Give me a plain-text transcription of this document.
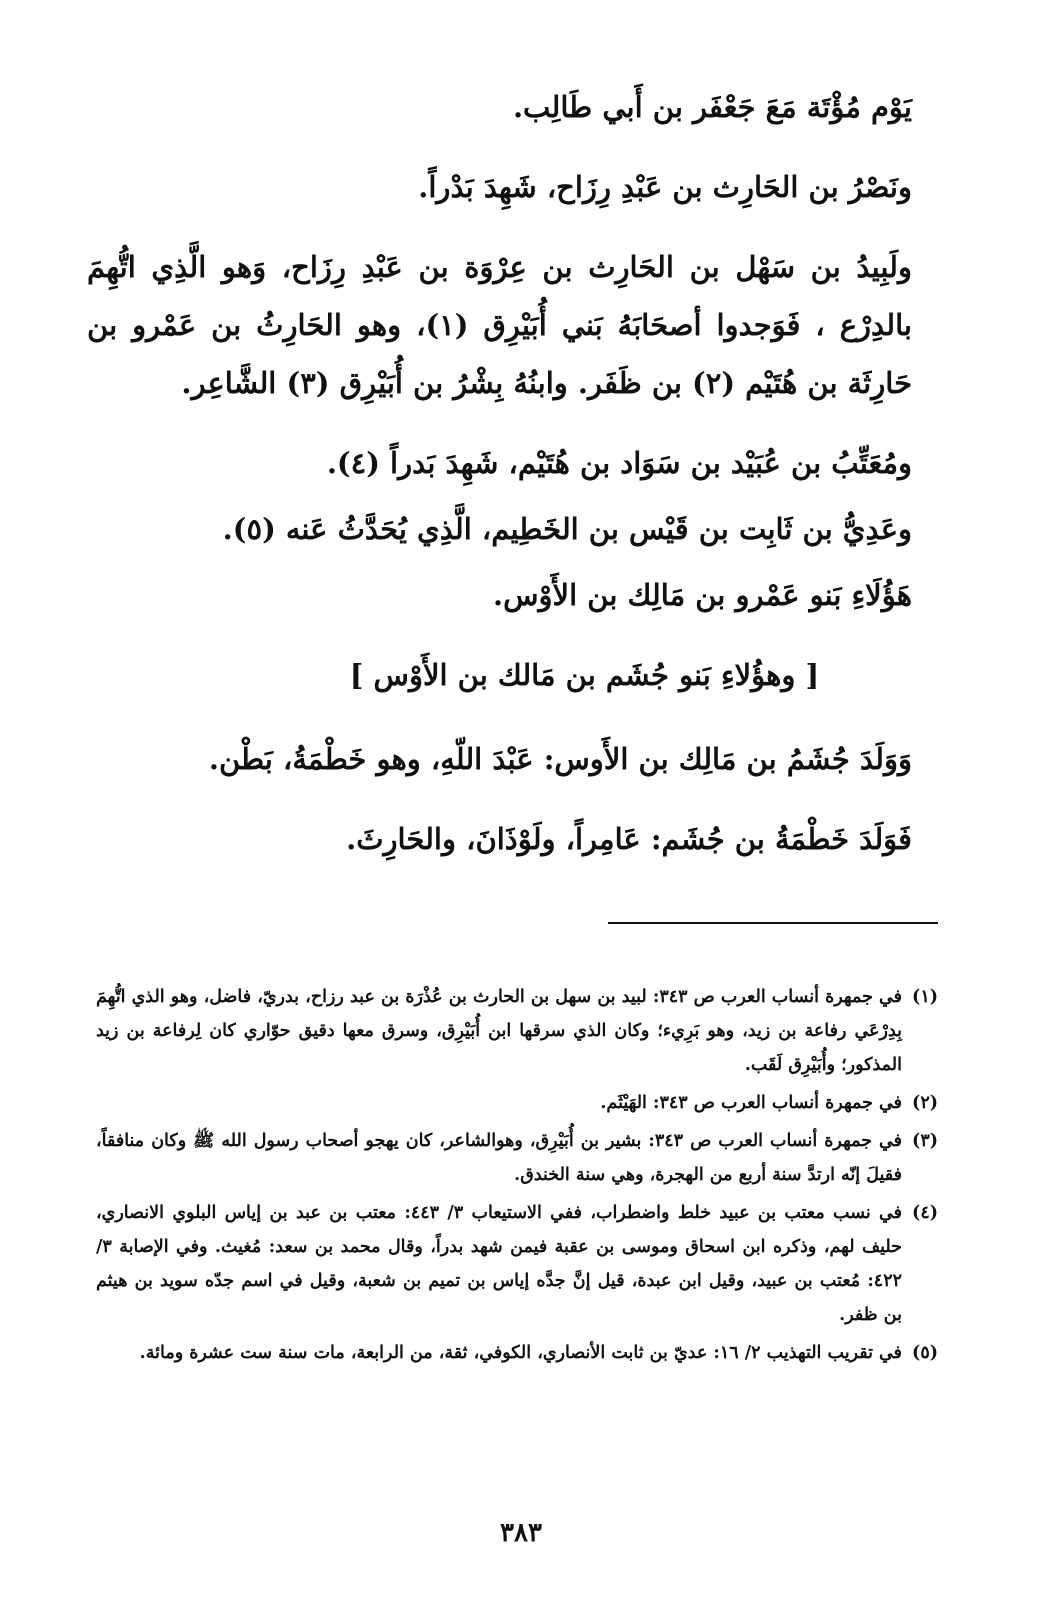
يَوْم مُؤْتَة مَعَ جَعْفَر بن أَبي طَالِب.

ونَصْرُ بن الحَارِث بن عَبْدِ رِزَاح، شَهِدَ بَدْراً.

ولَبِيدُ بن سَهْل بن الحَارِث بن عِرْوَة بن عَبْدِ رِزَاح، وَهو الَّذِي اتُّهِمَ بالدِرْع ، فَوَجدوا أصحَابَهُ بَني أُبَيْرِق (١)، وهو الحَارِثُ بن عَمْرو بن حَارِثَة بن هُتَيْم (٢) بن ظَفَر. وابنُهُ بِشْرُ بن أُبَيْرِق (٣) الشَّاعِر.

ومُعَتِّبُ بن عُبَيْد بن سَوَاد بن هُتَيْم، شَهِدَ بَدراً (٤).

وعَدِيُّ بن ثَابِت بن قَيْس بن الخَطِيم، الَّذِي يُحَدَّثُ عَنه (٥).

هَؤُلَاءِ بَنو عَمْرو بن مَالِك بن الأَوْس.

[ وهؤُلاءِ بَنو جُشَم بن مَالك بن الأَوْس ]

وَوَلَدَ جُشَمُ بن مَالِك بن الأَوس: عَبْدَ اللّهِ، وهو خَطْمَةُ، بَطْن.

فَوَلَدَ خَطْمَةُ بن جُشَم: عَامِراً، ولَوْذَانَ، والحَارِثَ.

(١)
في جمهرة أنساب العرب ص ٣٤٣: لبيد بن سهل بن الحارث بن عُذْرَة بن عبد رزاح، بدريّ، فاضل، وهو الذي اتُّهِمَ بِدِرْعَي رفاعة بن زيد، وهو بَرِيء؛ وكان الذي سرقها ابن أُبَيْرِق، وسرق معها دقيق حوّاري كان لِرفاعة بن زيد المذكور؛ وأُبَيْرِق لَقَب.
(٢)
في جمهرة أنساب العرب ص ٣٤٣: الهَيْثَم.
(٣)
في جمهرة أنساب العرب ص ٣٤٣: بشير بن أُبَيْرِق، وهوالشاعر، كان يهجو أصحاب رسول الله ﷺ وكان منافقاً، فقيلَ إنّه ارتدَّ سنة أربع من الهجرة، وهي سنة الخندق.
(٤)
في نسب معتب بن عبيد خلط واضطراب، ففي الاستيعاب ٣/ ٤٤٣: معتب بن عبد بن إياس البلوي الانصاري، حليف لهم، وذكره ابن اسحاق وموسى بن عقبة فيمن شهد بدراً، وقال محمد بن سعد: مُغيث. وفي الإصابة ٣/ ٤٢٢: مُعتب بن عبيد، وقيل ابن عبدة، قيل إنَّ جدَّه إياس بن تميم بن شعبة، وقيل في اسم جدّه سويد بن هيثم بن ظفر.
(٥)
في تقريب التهذيب ٢/ ١٦: عديّ بن ثابت الأنصاري، الكوفي، ثقة، من الرابعة، مات سنة ست عشرة ومائة.
٣٨٣
